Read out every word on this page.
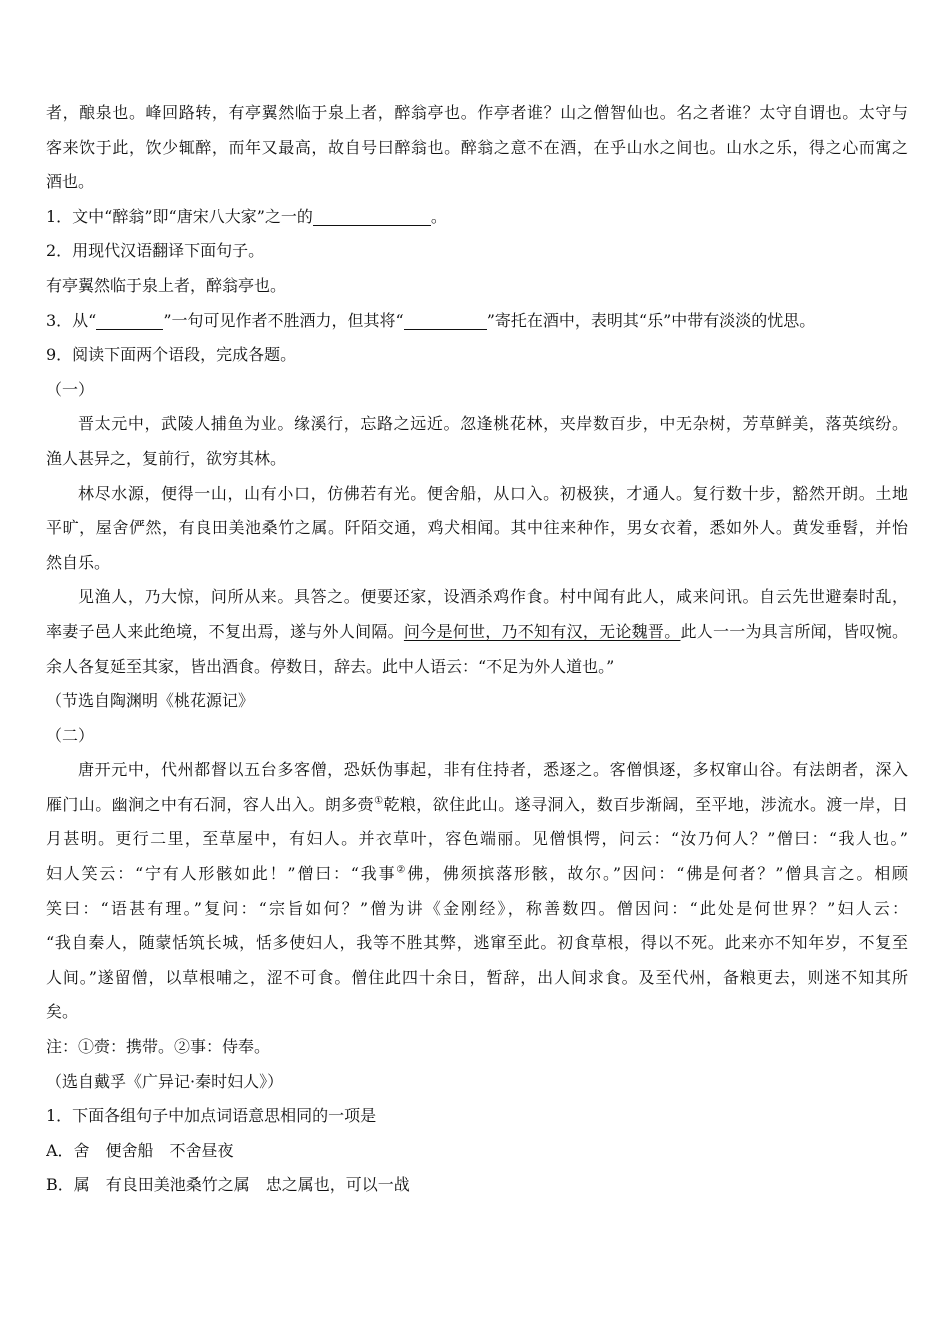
者，酿泉也。峰回路转，有亭翼然临于泉上者，醉翁亭也。作亭者谁？山之僧智仙也。名之者谁？太守自谓也。太守与
客来饮于此，饮少辄醉，而年又最高，故自号曰醉翁也。醉翁之意不在酒，在乎山水之间也。山水之乐，得之心而寓之
酒也。
1．文中“醉翁”即“唐宋八大家”之一的	。
2．用现代汉语翻译下面句子。
有亭翼然临于泉上者，醉翁亭也。
3．从“	”一句可见作者不胜酒力，但其将“	”寄托在酒中，表明其“乐”中带有淡淡的忧思。
9．阅读下面两个语段，完成各题。
（一）
晋太元中，武陵人捕鱼为业。缘溪行，忘路之远近。忽逢桃花林，夹岸数百步，中无杂树，芳草鲜美，落英缤纷。
渔人甚异之，复前行，欲穷其林。
林尽水源，便得一山，山有小口，仿佛若有光。便舍船，从口入。初极狭，才通人。复行数十步，豁然开朗。土地
平旷，屋舍俨然，有良田美池桑竹之属。阡陌交通，鸡犬相闻。其中往来种作，男女衣着，悉如外人。黄发垂髫，并怡
然自乐。
见渔人，乃大惊，问所从来。具答之。便要还家，设酒杀鸡作食。村中闻有此人，咸来问讯。自云先世避秦时乱，
率妻子邑人来此绝境，不复出焉，遂与外人间隔。问今是何世，乃不知有汉，无论魏晋。此人一一为具言所闻，皆叹惋。
余人各复延至其家，皆出酒食。停数日，辞去。此中人语云：“不足为外人道也。”
（节选自陶渊明《桃花源记》
（二）
唐开元中，代州都督以五台多客僧，恐妖伪事起，非有住持者，悉逐之。客僧惧逐，多权窜山谷。有法朗者，深入
雁门山。幽涧之中有石洞，容人出入。朗多赍①乾粮，欲住此山。遂寻洞入，数百步渐阔，至平地，涉流水。渡一岸，日
月甚明。更行二里，至草屋中，有妇人。并衣草叶，容色端丽。见僧惧愕，问云：“汝乃何人？”僧曰：“我人也。”
妇人笑云：“宁有人形骸如此！”僧曰：“我事②佛，佛须摈落形骸，故尔。”因问：“佛是何者？”僧具言之。相顾
笑曰：“语甚有理。”复问：“宗旨如何？”僧为讲《金刚经》，称善数四。僧因问：“此处是何世界？”妇人云：
“我自秦人，随蒙恬筑长城，恬多使妇人，我等不胜其弊，逃窜至此。初食草根，得以不死。此来亦不知年岁，不复至
人间。”遂留僧，以草根哺之，涩不可食。僧住此四十余日，暂辞，出人间求食。及至代州，备粮更去，则迷不知其所
矣。
注：①赍：携带。②事：侍奉。
（选自戴孚《广异记·秦时妇人》）
1．下面各组句子中加点词语意思相同的一项是
A．舍　便舍船　不舍昼夜
B．属　有良田美池桑竹之属　忠之属也，可以一战
